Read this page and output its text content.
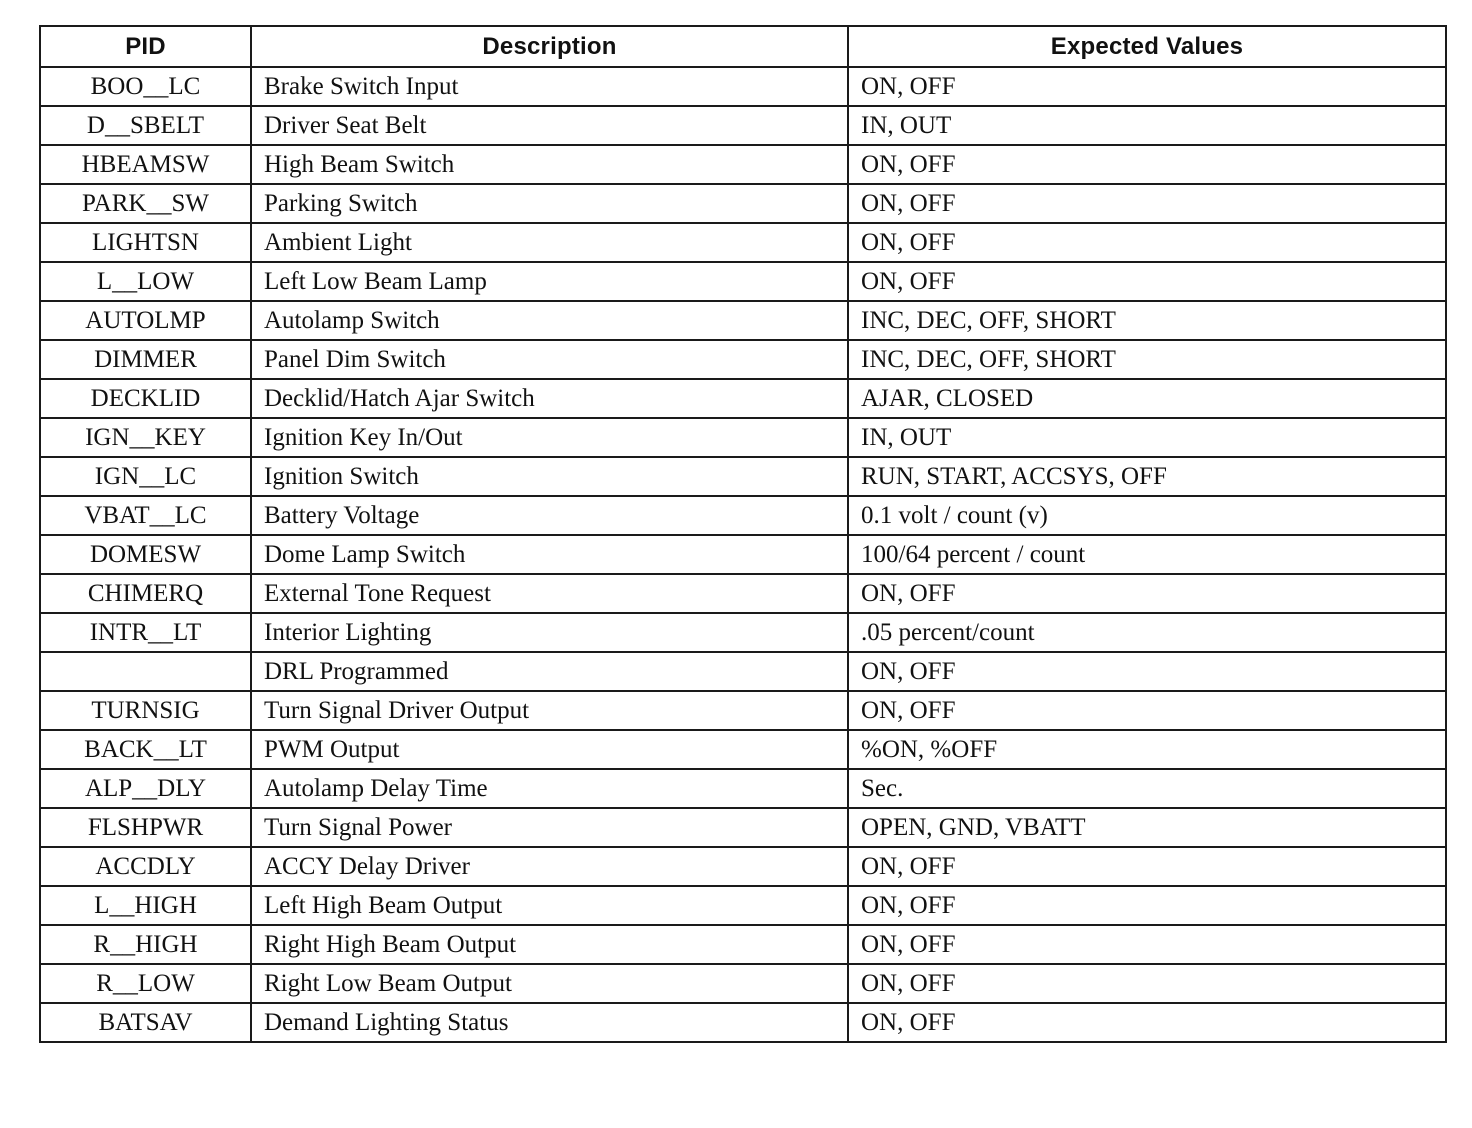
PID	Description	Expected Values
BOO__LC	Brake Switch Input	ON, OFF
D__SBELT	Driver Seat Belt	IN, OUT
HBEAMSW	High Beam Switch	ON, OFF
PARK__SW	Parking Switch	ON, OFF
LIGHTSN	Ambient Light	ON, OFF
L__LOW	Left Low Beam Lamp	ON, OFF
AUTOLMP	Autolamp Switch	INC, DEC, OFF, SHORT
DIMMER	Panel Dim Switch	INC, DEC, OFF, SHORT
DECKLID	Decklid/Hatch Ajar Switch	AJAR, CLOSED
IGN__KEY	Ignition Key In/Out	IN, OUT
IGN__LC	Ignition Switch	RUN, START, ACCSYS, OFF
VBAT__LC	Battery Voltage	0.1 volt / count (v)
DOMESW	Dome Lamp Switch	100/64 percent / count
CHIMERQ	External Tone Request	ON, OFF
INTR__LT	Interior Lighting	.05 percent/count
	DRL Programmed	ON, OFF
TURNSIG	Turn Signal Driver Output	ON, OFF
BACK__LT	PWM Output	%ON, %OFF
ALP__DLY	Autolamp Delay Time	Sec.
FLSHPWR	Turn Signal Power	OPEN, GND, VBATT
ACCDLY	ACCY Delay Driver	ON, OFF
L__HIGH	Left High Beam Output	ON, OFF
R__HIGH	Right High Beam Output	ON, OFF
R__LOW	Right Low Beam Output	ON, OFF
BATSAV	Demand Lighting Status	ON, OFF
